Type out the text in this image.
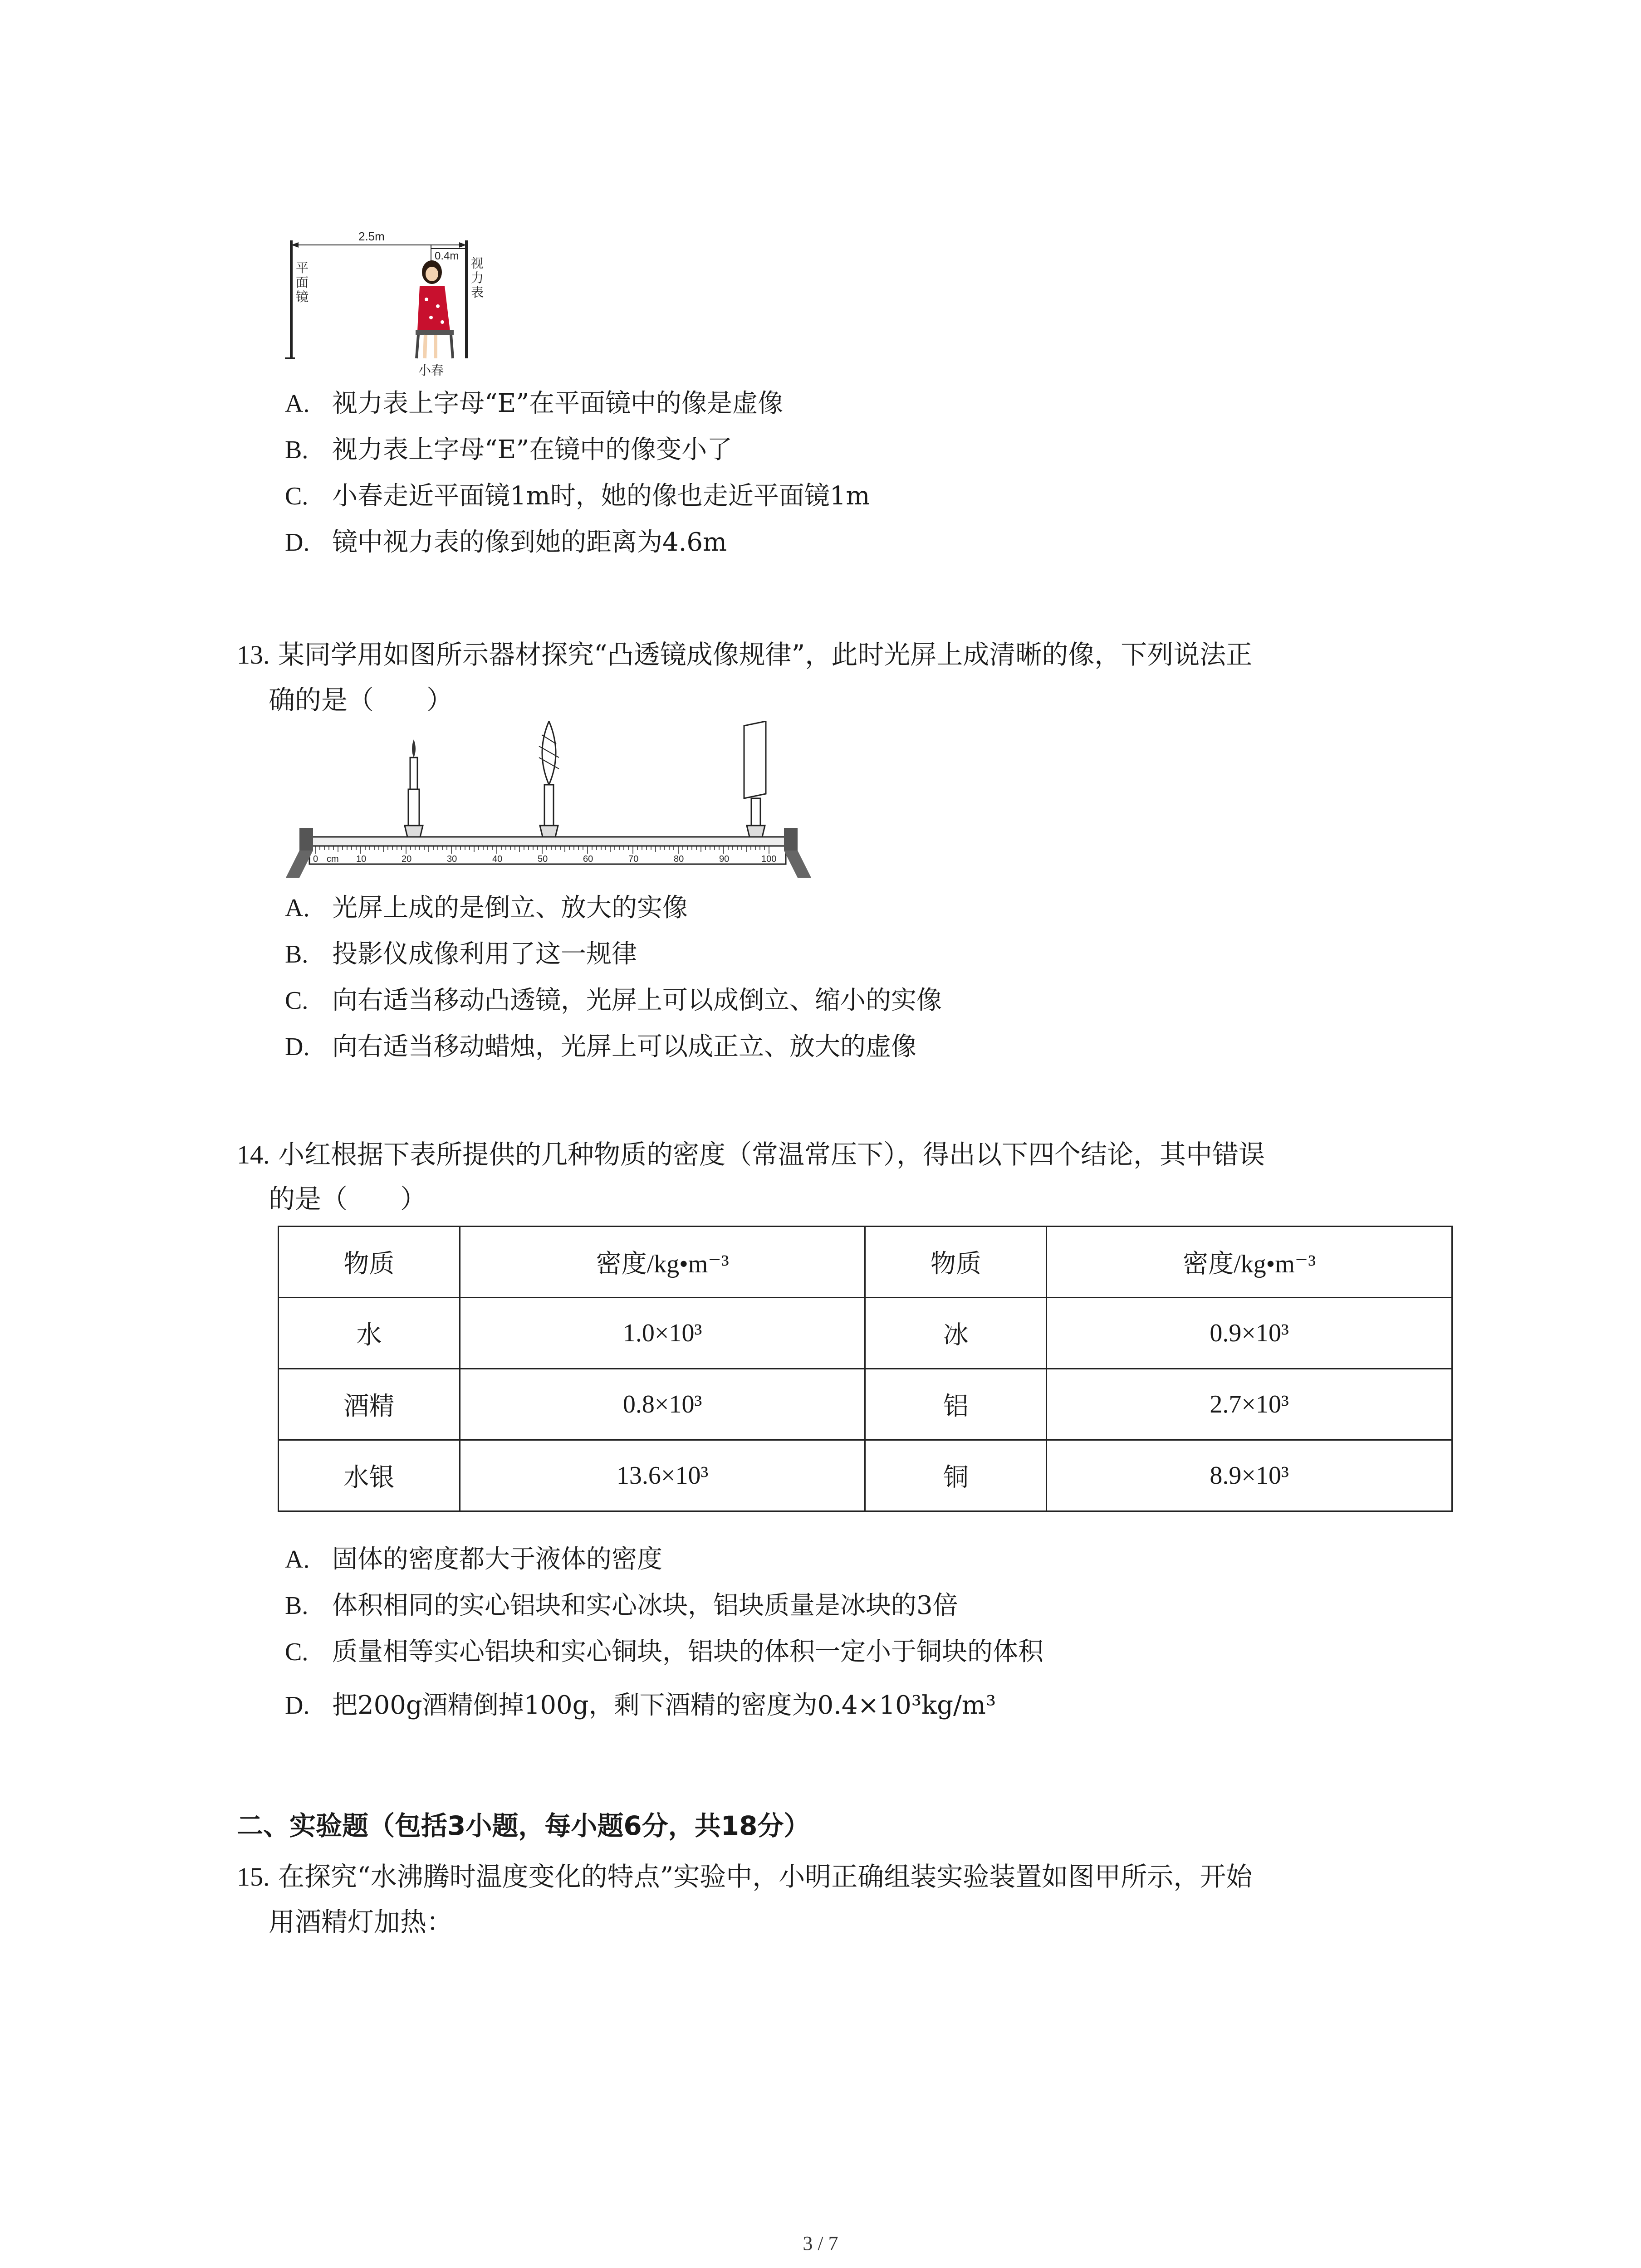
2.5m
0.4m
平面镜
视力表
小春
A. 视力表上字母“E”在平面镜中的像是虚像
B. 视力表上字母“E”在镜中的像变小了
C. 小春走近平面镜1m时，她的像也走近平面镜1m
D. 镜中视力表的像到她的距离为4.6m
13. 某同学用如图所示器材探究“凸透镜成像规律”，此时光屏上成清晰的像，下列说法正
确的是（　　）
0 cm 10	20	30	40	50	60	70	80	90	100
A. 光屏上成的是倒立、放大的实像
B. 投影仪成像利用了这一规律
C. 向右适当移动凸透镜，光屏上可以成倒立、缩小的实像
D. 向右适当移动蜡烛，光屏上可以成正立、放大的虚像
14. 小红根据下表所提供的几种物质的密度（常温常压下），得出以下四个结论，其中错误
的是（　　）
物质	密度/kg•m⁻³	物质	密度/kg•m⁻³
水	1.0×10³	冰	0.9×10³
酒精	0.8×10³	铝	2.7×10³
水银	13.6×10³	铜	8.9×10³
A. 固体的密度都大于液体的密度
B. 体积相同的实心铝块和实心冰块，铝块质量是冰块的3倍
C. 质量相等实心铝块和实心铜块，铝块的体积一定小于铜块的体积
D. 把200g酒精倒掉100g，剩下酒精的密度为0.4×10³kg/m³
二、实验题（包括3小题，每小题6分，共18分）
15. 在探究“水沸腾时温度变化的特点”实验中，小明正确组装实验装置如图甲所示，开始
用酒精灯加热：
3 / 7
